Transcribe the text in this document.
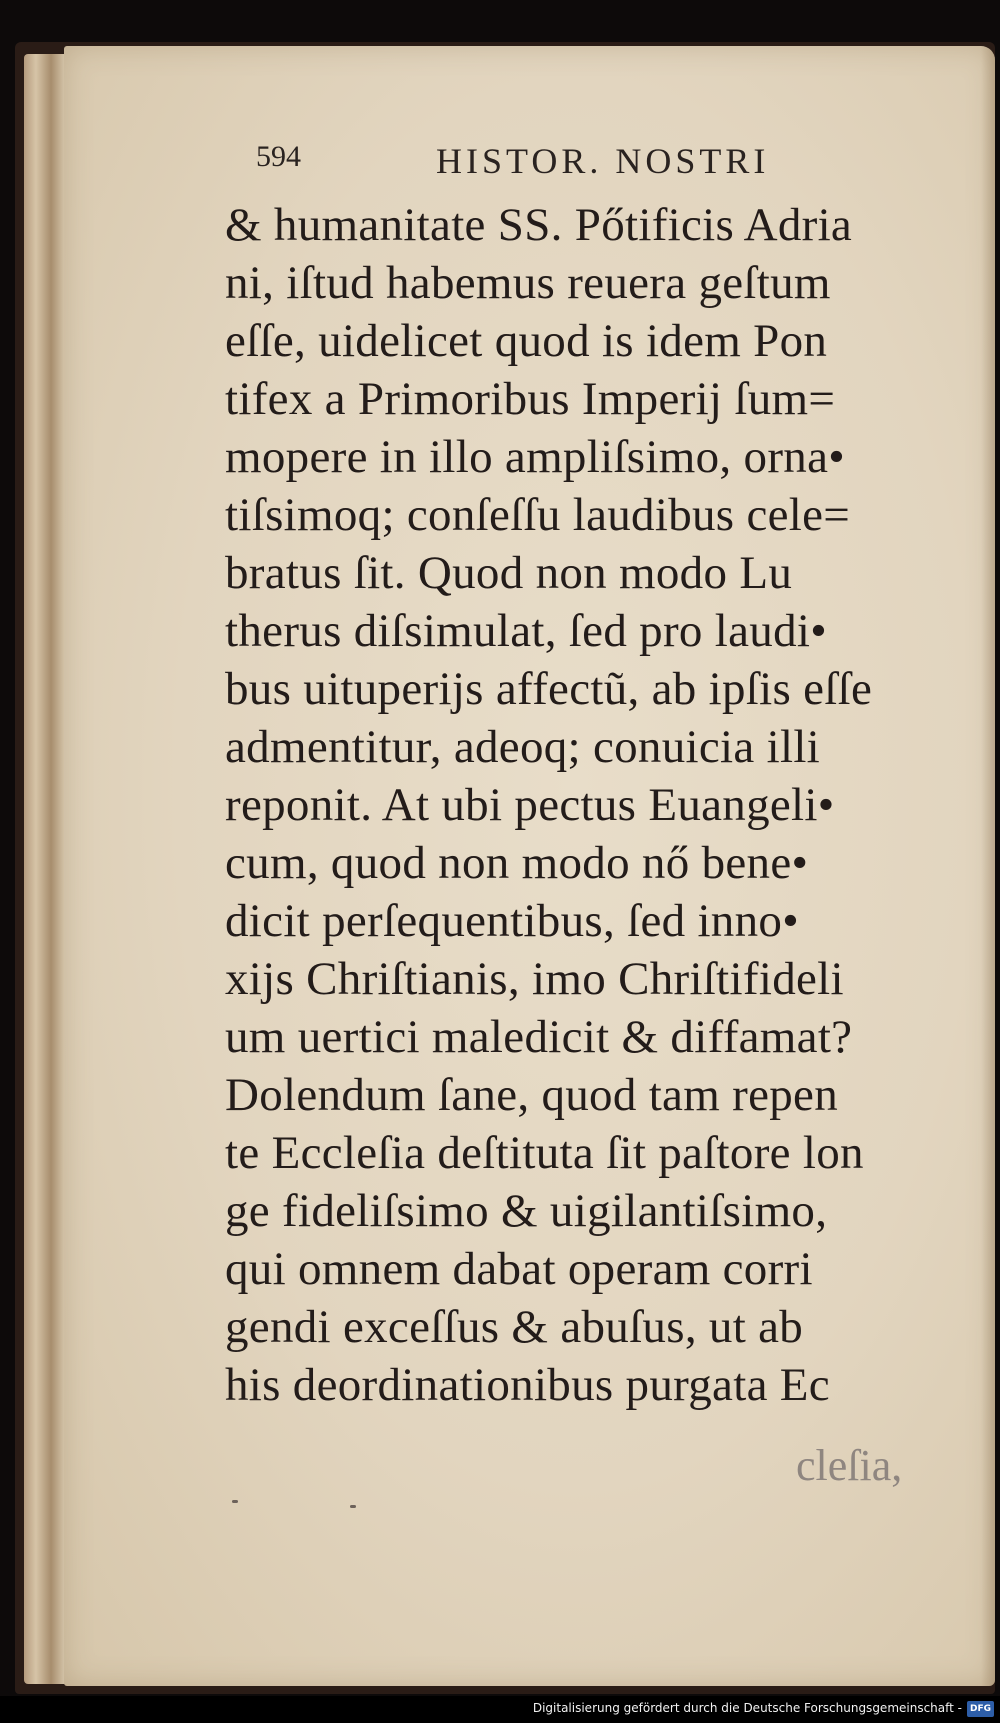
594	HISTOR. NOSTRI
& humanitate SS. Pőtificis Adria
ni, iſtud habemus reuera geſtum
eſſe, uidelicet quod is idem Pon
tifex a Primoribus Imperij ſum=
mopere in illo ampliſsimo, orna•
tiſsimoq; conſeſſu laudibus cele=
bratus ſit. Quod non modo Lu
therus diſsimulat, ſed pro laudi•
bus uituperijs affectũ, ab ipſis eſſe
admentitur, adeoq; conuicia illi
reponit. At ubi pectus Euangeli•
cum, quod non modo nő bene•
dicit perſequentibus, ſed inno•
xijs Chriſtianis, imo Chriſtifideli
um uertici maledicit & diffamat?
Dolendum ſane, quod tam repen
te Eccleſia deſtituta ſit paſtore lon
ge fideliſsimo & uigilantiſsimo,
qui omnem dabat operam corri
gendi exceſſus & abuſus, ut ab
his deordinationibus purgata Ec
cleſia,
Digitalisierung gefördert durch die Deutsche Forschungsgemeinschaft - DFG
